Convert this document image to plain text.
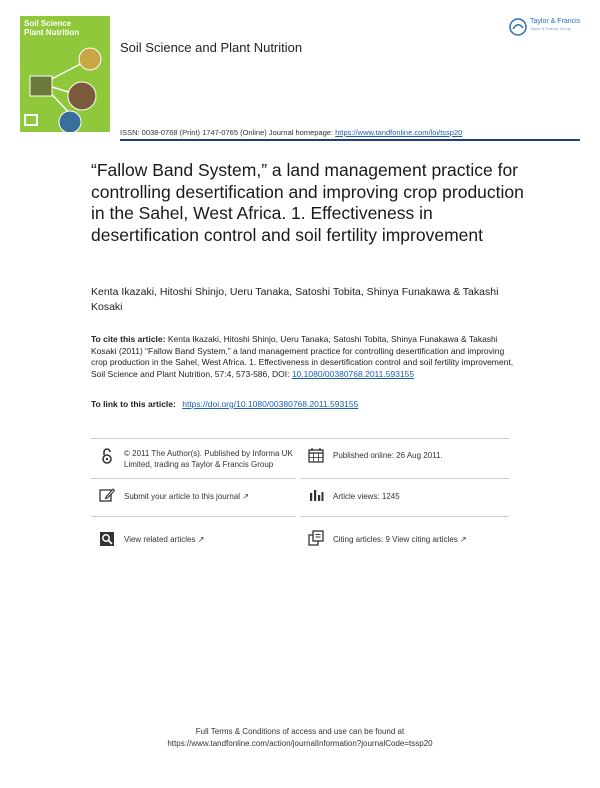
Soil Science
Plant Nutrition
Soil Science and Plant Nutrition
Taylor & Francis
Taylor & Francis Group
ISSN: 0038-0768 (Print) 1747-0765 (Online) Journal homepage: https://www.tandfonline.com/loi/tssp20
“Fallow Band System,” a land management practice for controlling desertification and improving crop production in the Sahel, West Africa. 1. Effectiveness in desertification control and soil fertility improvement
Kenta Ikazaki, Hitoshi Shinjo, Ueru Tanaka, Satoshi Tobita, Shinya Funakawa & Takashi Kosaki
To cite this article: Kenta Ikazaki, Hitoshi Shinjo, Ueru Tanaka, Satoshi Tobita, Shinya Funakawa & Takashi Kosaki (2011) “Fallow Band System,” a land management practice for controlling desertification and improving crop production in the Sahel, West Africa. 1. Effectiveness in desertification control and soil fertility improvement, Soil Science and Plant Nutrition, 57:4, 573-586, DOI: 10.1080/00380768.2011.593155
To link to this article: https://doi.org/10.1080/00380768.2011.593155
© 2011 The Author(s). Published by Informa UK Limited, trading as Taylor & Francis Group
Published online: 26 Aug 2011.
Submit your article to this journal ↗	Article views: 1245
View related articles ↗	Citing articles: 9 View citing articles ↗
Full Terms & Conditions of access and use can be found at
https://www.tandfonline.com/action/journalInformation?journalCode=tssp20
